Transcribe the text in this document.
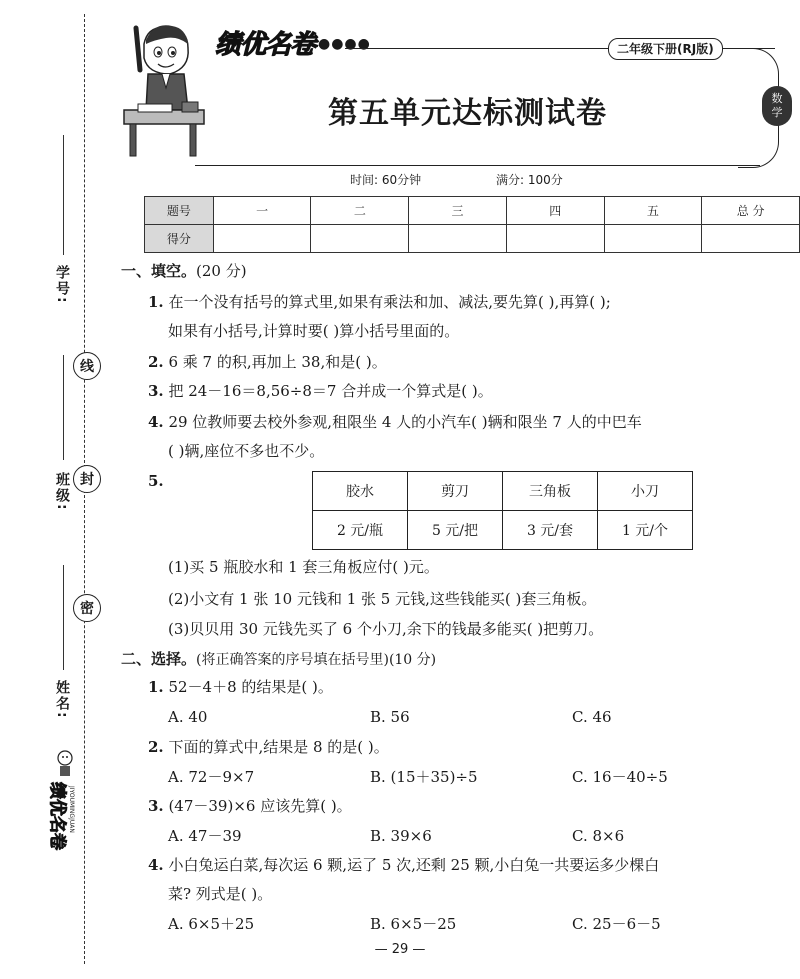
学号:
班级:
姓名:
线
封
密
绩优名卷 JIYOUMINGJUAN
绩优名卷 ●●●●	二年级下册(RJ版)
数
学
第五单元达标测试卷
时间: 60分钟	满分: 100分
题号	一	二	三	四	五	总 分
得分						
一、填空。(20 分)
1. 在一个没有括号的算式里,如果有乘法和加、减法,要先算( ),再算( );
如果有小括号,计算时要( )算小括号里面的。
2. 6 乘 7 的积,再加上 38,和是( )。
3. 把 24－16＝8,56÷8＝7 合并成一个算式是( )。
4. 29 位教师要去校外参观,租限坐 4 人的小汽车( )辆和限坐 7 人的中巴车
( )辆,座位不多也不少。
5.
胶水	剪刀	三角板	小刀
2 元/瓶	5 元/把	3 元/套	1 元/个
(1)买 5 瓶胶水和 1 套三角板应付( )元。
(2)小文有 1 张 10 元钱和 1 张 5 元钱,这些钱能买( )套三角板。
(3)贝贝用 30 元钱先买了 6 个小刀,余下的钱最多能买( )把剪刀。
二、选择。(将正确答案的序号填在括号里)(10 分)
1. 52－4＋8 的结果是( )。
A. 40	B. 56	C. 46
2. 下面的算式中,结果是 8 的是( )。
A. 72－9×7	B. (15＋35)÷5	C. 16－40÷5
3. (47－39)×6 应该先算( )。
A. 47－39	B. 39×6	C. 8×6
4. 小白兔运白菜,每次运 6 颗,运了 5 次,还剩 25 颗,小白兔一共要运多少棵白
菜? 列式是( )。
A. 6×5＋25	B. 6×5－25	C. 25－6－5
— 29 —
